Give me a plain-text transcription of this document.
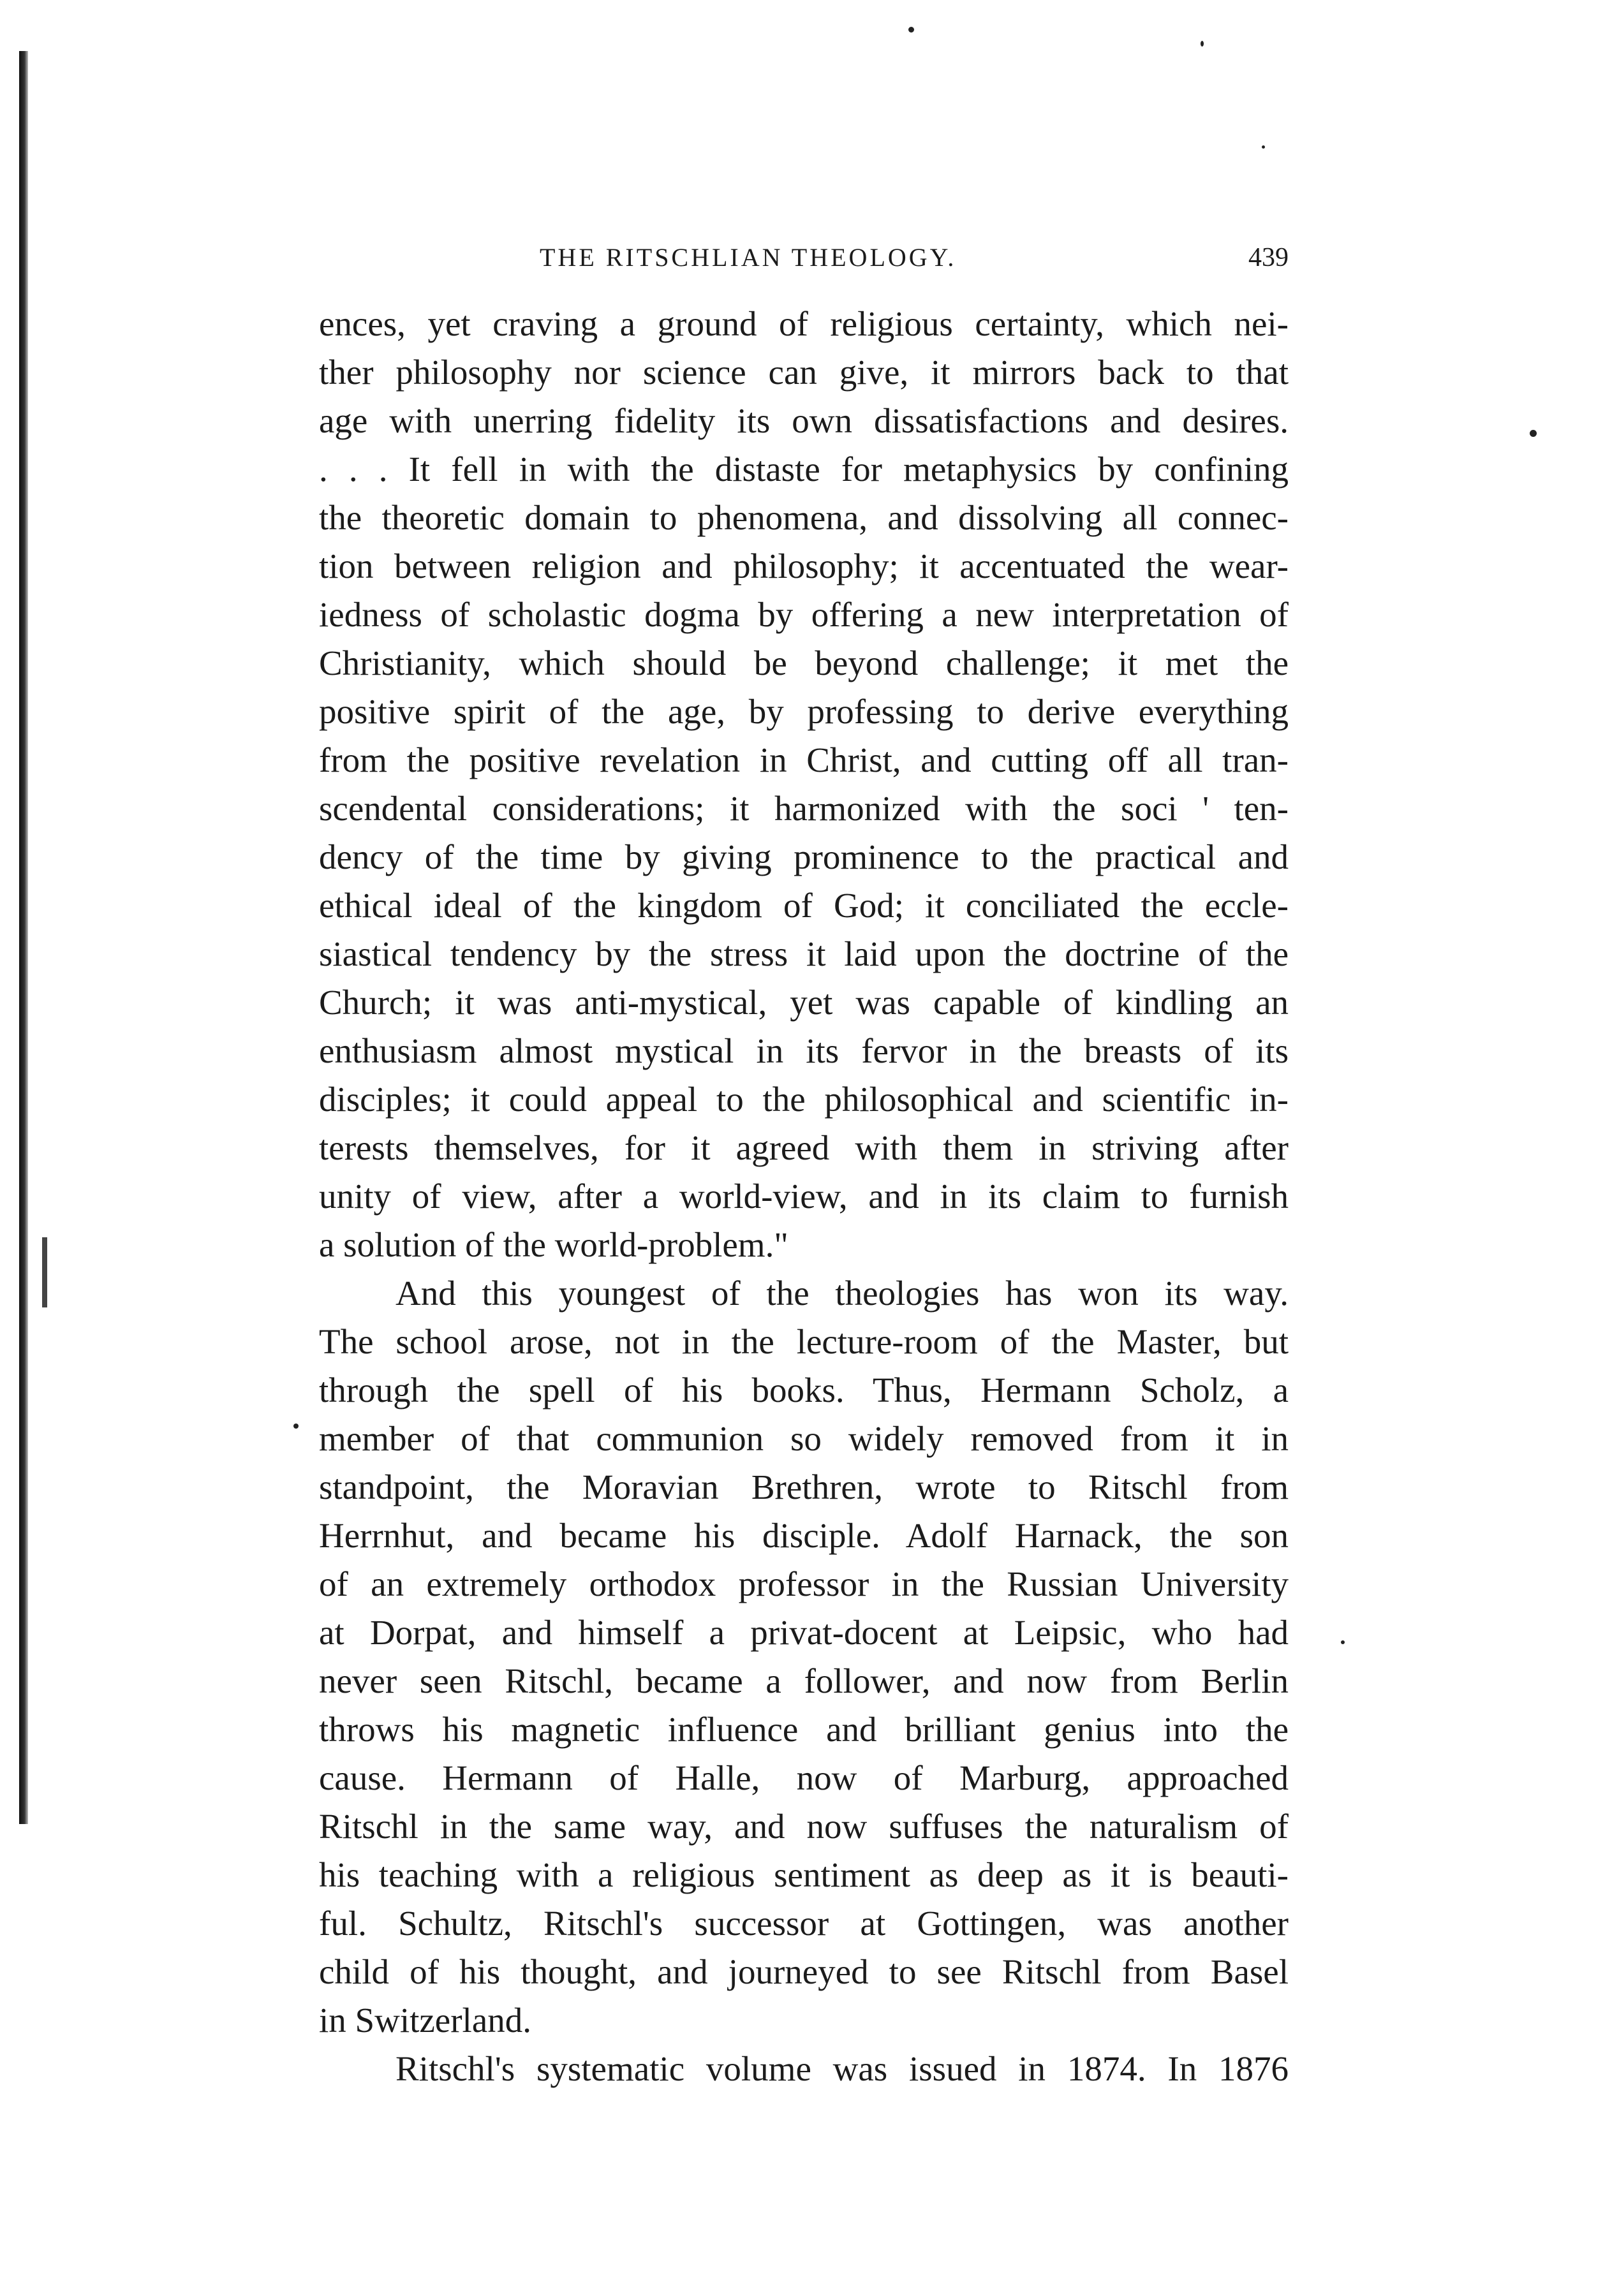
THE RITSCHLIAN THEOLOGY.	439
ences, yet craving a ground of religious certainty, which nei-
ther philosophy nor science can give, it mirrors back to that
age with unerring fidelity its own dissatisfactions and desires.
. . . It fell in with the distaste for metaphysics by confining
the theoretic domain to phenomena, and dissolving all connec-
tion between religion and philosophy; it accentuated the wear-
iedness of scholastic dogma by offering a new interpretation of
Christianity, which should be beyond challenge; it met the
positive spirit of the age, by professing to derive everything
from the positive revelation in Christ, and cutting off all tran-
scendental considerations; it harmonized with the soci ' ten-
dency of the time by giving prominence to the practical and
ethical ideal of the kingdom of God; it conciliated the eccle-
siastical tendency by the stress it laid upon the doctrine of the
Church; it was anti-mystical, yet was capable of kindling an
enthusiasm almost mystical in its fervor in the breasts of its
disciples; it could appeal to the philosophical and scientific in-
terests themselves, for it agreed with them in striving after
unity of view, after a world-view, and in its claim to furnish
a solution of the world-problem."
And this youngest of the theologies has won its way.
The school arose, not in the lecture-room of the Master, but
through the spell of his books. Thus, Hermann Scholz, a
member of that communion so widely removed from it in
standpoint, the Moravian Brethren, wrote to Ritschl from
Herrnhut, and became his disciple. Adolf Harnack, the son
of an extremely orthodox professor in the Russian University
at Dorpat, and himself a privat-docent at Leipsic, who had
never seen Ritschl, became a follower, and now from Berlin
throws his magnetic influence and brilliant genius into the
cause. Hermann of Halle, now of Marburg, approached
Ritschl in the same way, and now suffuses the naturalism of
his teaching with a religious sentiment as deep as it is beauti-
ful. Schultz, Ritschl's successor at Gottingen, was another
child of his thought, and journeyed to see Ritschl from Basel
in Switzerland.
Ritschl's systematic volume was issued in 1874. In 1876
